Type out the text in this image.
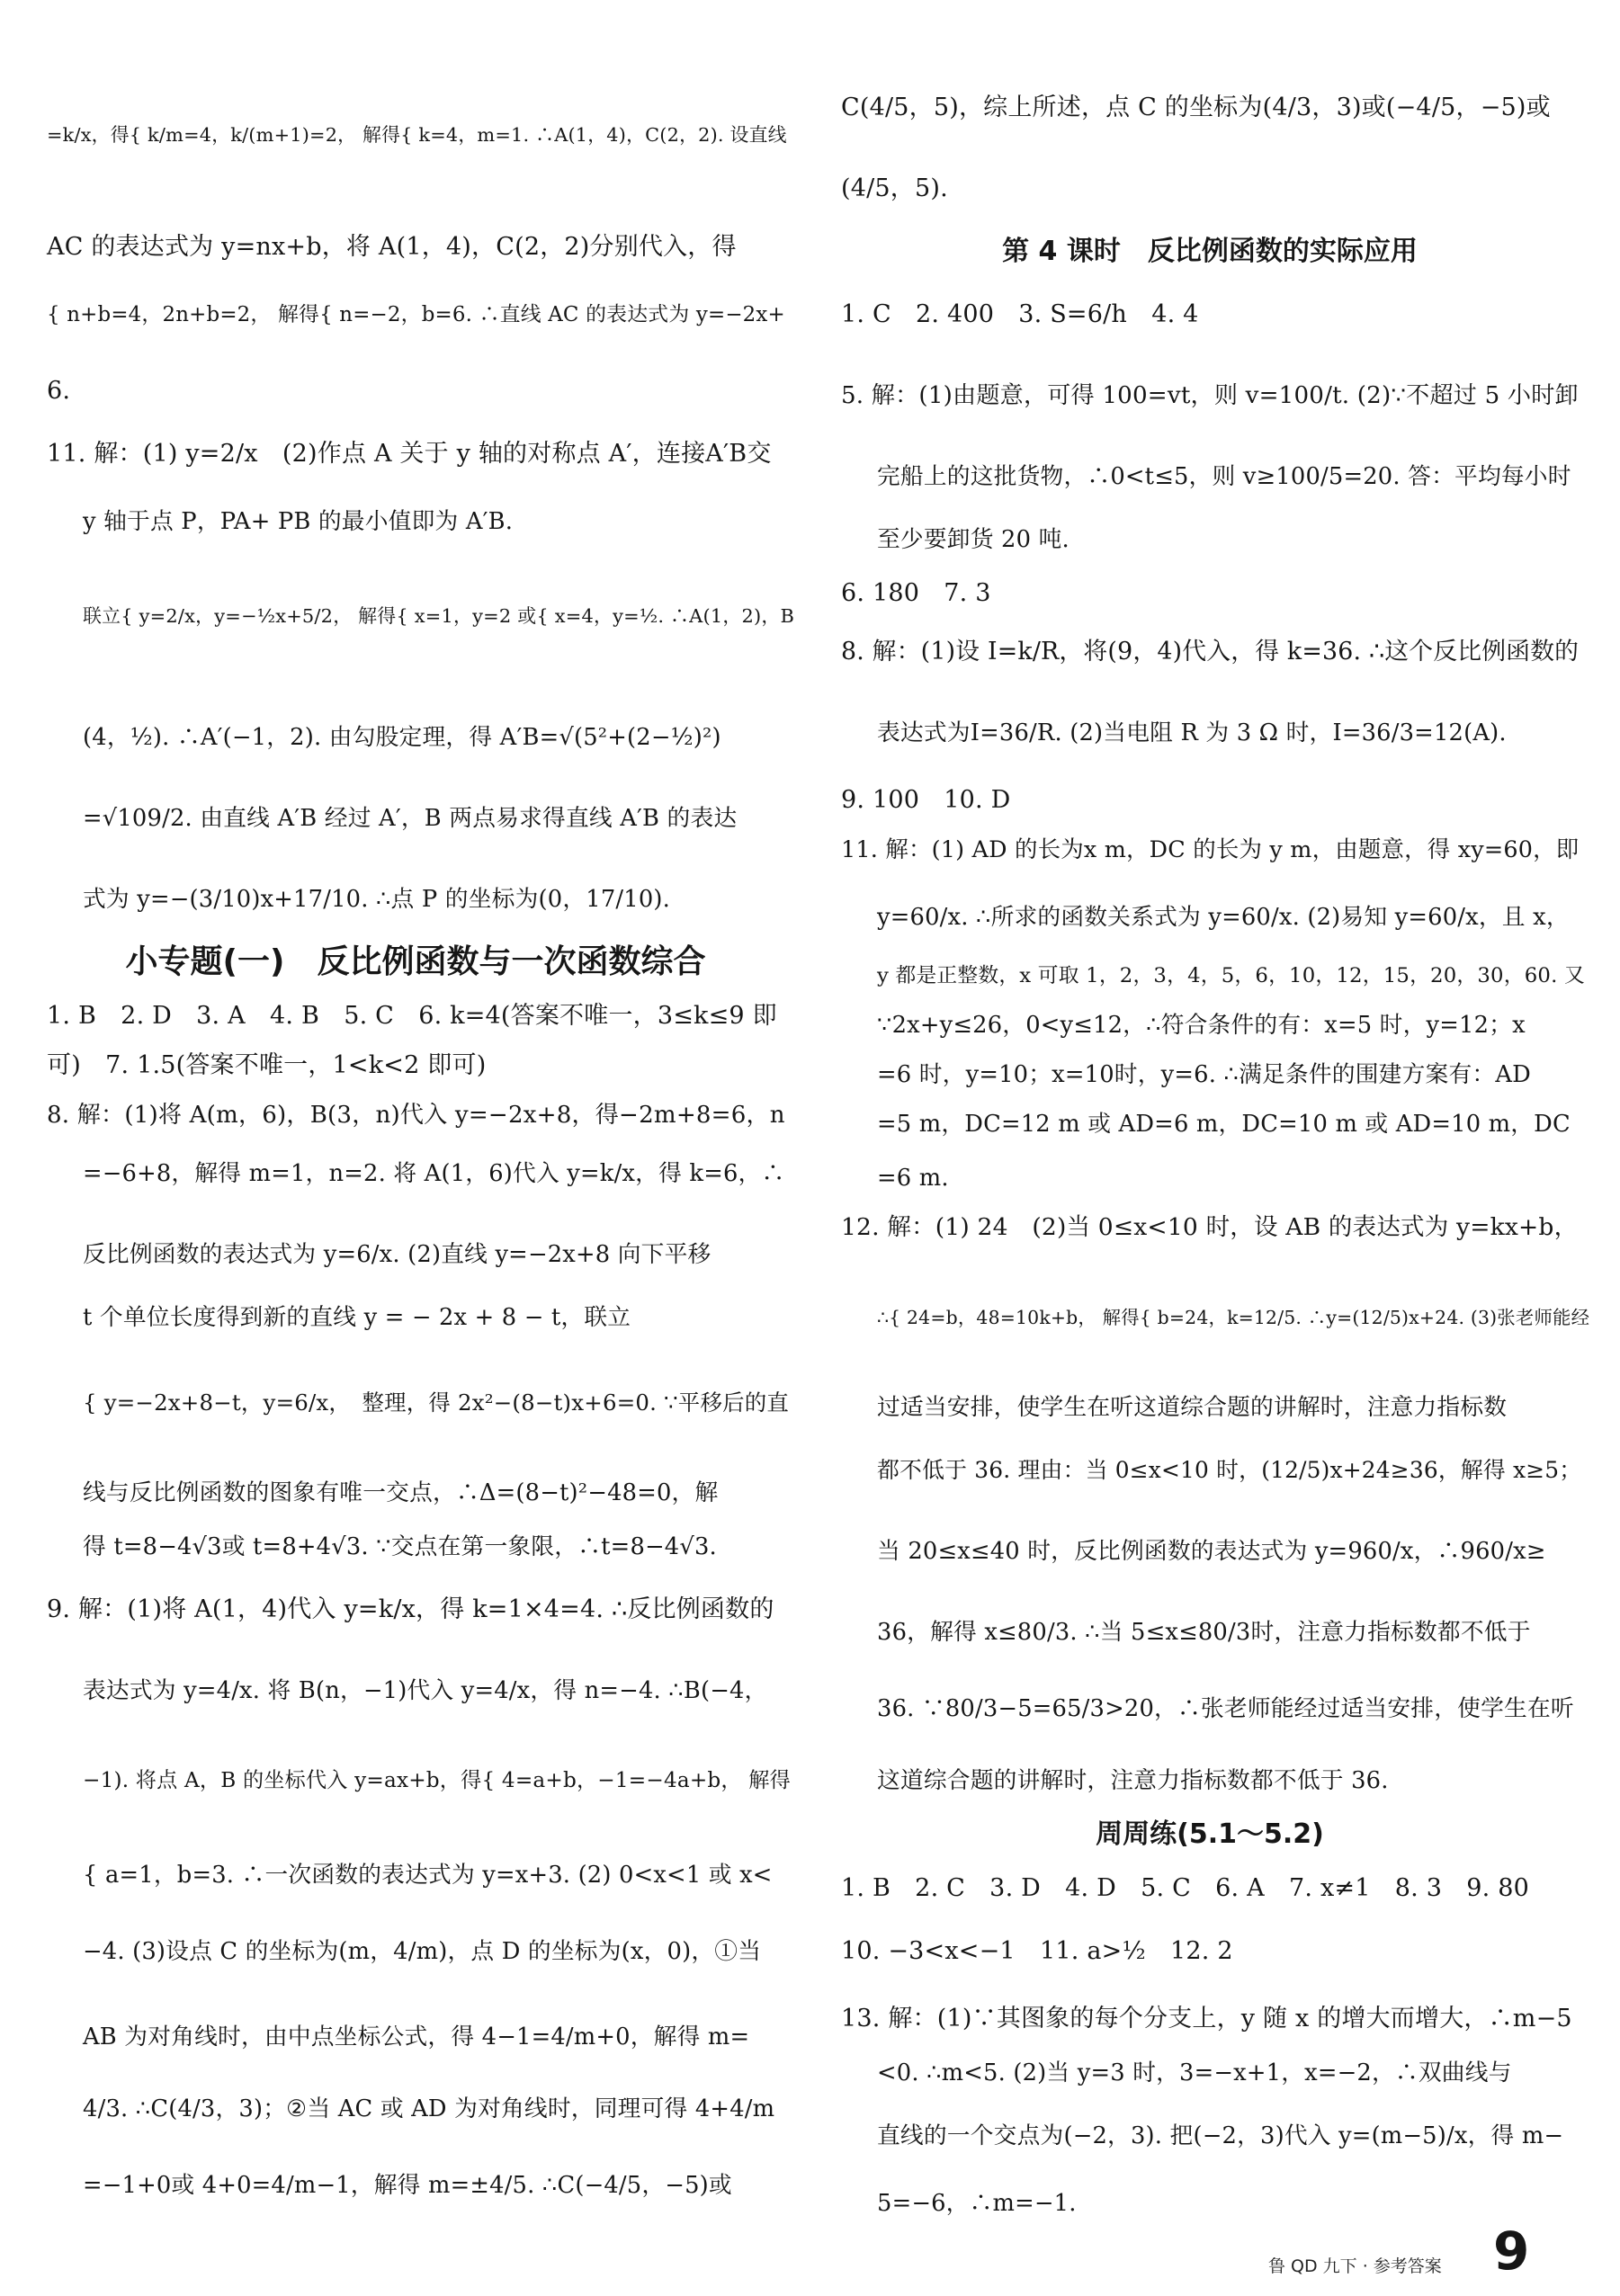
=k/x，得{ k/m=4，k/(m+1)=2， 解得{ k=4，m=1. ∴A(1，4)，C(2，2). 设直线
AC 的表达式为 y=nx+b，将 A(1，4)，C(2，2)分别代入，得
{ n+b=4，2n+b=2， 解得{ n=−2，b=6. ∴直线 AC 的表达式为 y=−2x+
6.
11. 解：(1) y=2/x　(2)作点 A 关于 y 轴的对称点 A′，连接A′B交
y 轴于点 P，PA+ PB 的最小值即为 A′B.
联立{ y=2/x，y=−½x+5/2， 解得{ x=1，y=2 或{ x=4，y=½. ∴A(1，2)，B
(4，½). ∴A′(−1，2). 由勾股定理，得 A′B=√(5²+(2−½)²)
=√109/2. 由直线 A′B 经过 A′，B 两点易求得直线 A′B 的表达
式为 y=−(3/10)x+17/10. ∴点 P 的坐标为(0，17/10).
小专题(一)　反比例函数与一次函数综合
1. B　2. D　3. A　4. B　5. C　6. k=4(答案不唯一，3≤k≤9 即
可)　7. 1.5(答案不唯一，1<k<2 即可)
8. 解：(1)将 A(m，6)，B(3，n)代入 y=−2x+8，得−2m+8=6，n
=−6+8，解得 m=1，n=2. 将 A(1，6)代入 y=k/x，得 k=6，∴
反比例函数的表达式为 y=6/x. (2)直线 y=−2x+8 向下平移
t 个单位长度得到新的直线 y = − 2x + 8 − t，联立
{ y=−2x+8−t，y=6/x，　整理，得 2x²−(8−t)x+6=0. ∵平移后的直
线与反比例函数的图象有唯一交点，∴Δ=(8−t)²−48=0，解
得 t=8−4√3或 t=8+4√3. ∵交点在第一象限，∴t=8−4√3.
9. 解：(1)将 A(1，4)代入 y=k/x，得 k=1×4=4. ∴反比例函数的
表达式为 y=4/x. 将 B(n，−1)代入 y=4/x，得 n=−4. ∴B(−4，
−1). 将点 A，B 的坐标代入 y=ax+b，得{ 4=a+b，−1=−4a+b， 解得
{ a=1，b=3. ∴一次函数的表达式为 y=x+3. (2) 0<x<1 或 x<
−4. (3)设点 C 的坐标为(m，4/m)，点 D 的坐标为(x，0)，①当
AB 为对角线时，由中点坐标公式，得 4−1=4/m+0，解得 m=
4/3. ∴C(4/3，3)；②当 AC 或 AD 为对角线时，同理可得 4+4/m
=−1+0或 4+0=4/m−1，解得 m=±4/5. ∴C(−4/5，−5)或
C(4/5，5)，综上所述，点 C 的坐标为(4/3，3)或(−4/5，−5)或
(4/5，5).
第 4 课时　反比例函数的实际应用
1. C　2. 400　3. S=6/h　4. 4
5. 解：(1)由题意，可得 100=vt，则 v=100/t. (2)∵不超过 5 小时卸
完船上的这批货物，∴0<t≤5，则 v≥100/5=20. 答：平均每小时
至少要卸货 20 吨.
6. 180　7. 3
8. 解：(1)设 I=k/R，将(9，4)代入，得 k=36. ∴这个反比例函数的
表达式为I=36/R. (2)当电阻 R 为 3 Ω 时，I=36/3=12(A).
9. 100　10. D
11. 解：(1) AD 的长为x m，DC 的长为 y m，由题意，得 xy=60，即
y=60/x. ∴所求的函数关系式为 y=60/x. (2)易知 y=60/x，且 x，
y 都是正整数，x 可取 1，2，3，4，5，6，10，12，15，20，30，60. 又
∵2x+y≤26，0<y≤12，∴符合条件的有：x=5 时，y=12；x
=6 时，y=10；x=10时，y=6. ∴满足条件的围建方案有：AD
=5 m，DC=12 m 或 AD=6 m，DC=10 m 或 AD=10 m，DC
=6 m.
12. 解：(1) 24　(2)当 0≤x<10 时，设 AB 的表达式为 y=kx+b，
∴{ 24=b，48=10k+b， 解得{ b=24，k=12/5. ∴y=(12/5)x+24. (3)张老师能经
过适当安排，使学生在听这道综合题的讲解时，注意力指标数
都不低于 36. 理由：当 0≤x<10 时，(12/5)x+24≥36，解得 x≥5；
当 20≤x≤40 时，反比例函数的表达式为 y=960/x，∴960/x≥
36，解得 x≤80/3. ∴当 5≤x≤80/3时，注意力指标数都不低于
36. ∵80/3−5=65/3>20，∴张老师能经过适当安排，使学生在听
这道综合题的讲解时，注意力指标数都不低于 36.
周周练(5.1～5.2)
1. B　2. C　3. D　4. D　5. C　6. A　7. x≠1　8. 3　9. 80
10. −3<x<−1　11. a>½　12. 2
13. 解：(1)∵其图象的每个分支上，y 随 x 的增大而增大，∴m−5
<0. ∴m<5. (2)当 y=3 时，3=−x+1，x=−2，∴双曲线与
直线的一个交点为(−2，3). 把(−2，3)代入 y=(m−5)/x，得 m−
5=−6，∴m=−1.
鲁 QD 九下 · 参考答案 9
